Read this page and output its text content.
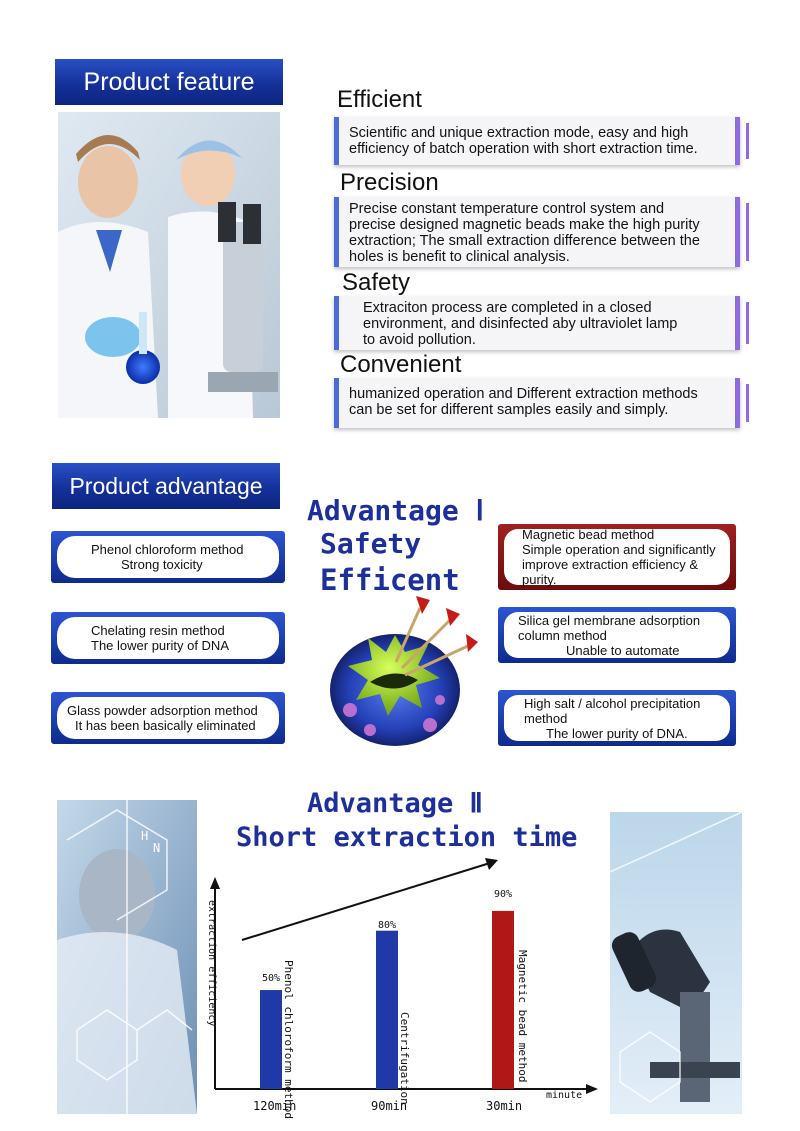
Product feature
Efficient
Scientific and unique extraction mode, easy and high
efficiency of batch operation with short extraction time.
Precision
Precise constant temperature control system and
precise designed magnetic beads make the high purity
extraction; The small extraction difference between the
holes is benefit to clinical analysis.
Safety
Extraciton process are completed in a closed
environment, and disinfected aby ultraviolet lamp
to avoid pollution.
Convenient
humanized operation and Different extraction methods
can be set for different samples easily and simply.
Product advantage
Advantage Ⅰ
Safety
Efficent
Phenol chloroform method
Strong toxicity
Chelating resin method
The lower purity of DNA
Glass powder adsorption method
It has been basically eliminated
Magnetic bead method
Simple operation and significantly
improve extraction efficiency &
purity.
Silica gel membrane adsorption
column method
Unable to automate
High salt / alcohol precipitation
method
The lower purity of DNA.
H
N
Advantage Ⅱ
Short extraction time
extraction efficiency
minute
120min	90min	30min
50%
80%
90%
Phenol chloroform method	Centrifugation	Magnetic bead method
